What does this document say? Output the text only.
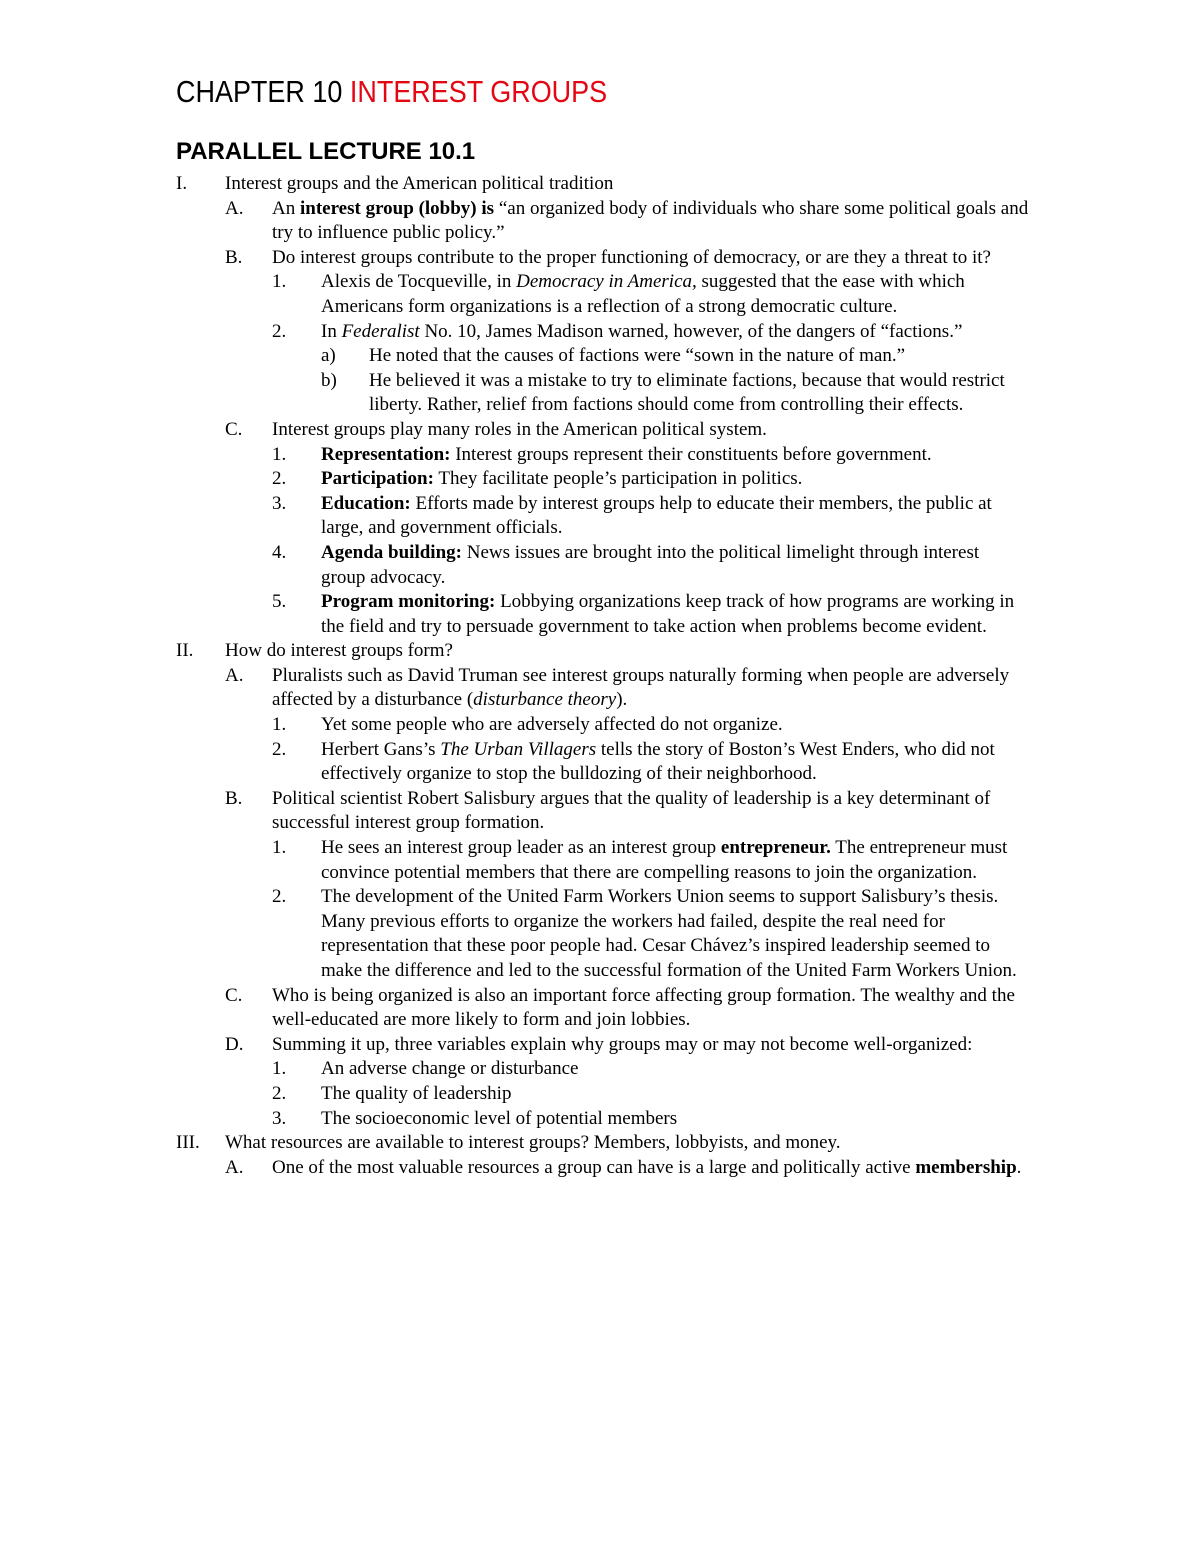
CHAPTER 10 INTEREST GROUPS
PARALLEL LECTURE 10.1
I. Interest groups and the American political tradition
A. An interest group (lobby) is “an organized body of individuals who share some political goals and try to influence public policy.”
B. Do interest groups contribute to the proper functioning of democracy, or are they a threat to it?
1. Alexis de Tocqueville, in Democracy in America, suggested that the ease with which Americans form organizations is a reflection of a strong democratic culture.
2. In Federalist No. 10, James Madison warned, however, of the dangers of “factions.”
a) He noted that the causes of factions were “sown in the nature of man.”
b) He believed it was a mistake to try to eliminate factions, because that would restrict liberty. Rather, relief from factions should come from controlling their effects.
C. Interest groups play many roles in the American political system.
1. Representation: Interest groups represent their constituents before government.
2. Participation: They facilitate people’s participation in politics.
3. Education: Efforts made by interest groups help to educate their members, the public at large, and government officials.
4. Agenda building: News issues are brought into the political limelight through interest group advocacy.
5. Program monitoring: Lobbying organizations keep track of how programs are working in the field and try to persuade government to take action when problems become evident.
II. How do interest groups form?
A. Pluralists such as David Truman see interest groups naturally forming when people are adversely affected by a disturbance (disturbance theory).
1. Yet some people who are adversely affected do not organize.
2. Herbert Gans’s The Urban Villagers tells the story of Boston’s West Enders, who did not effectively organize to stop the bulldozing of their neighborhood.
B. Political scientist Robert Salisbury argues that the quality of leadership is a key determinant of successful interest group formation.
1. He sees an interest group leader as an interest group entrepreneur. The entrepreneur must convince potential members that there are compelling reasons to join the organization.
2. The development of the United Farm Workers Union seems to support Salisbury’s thesis. Many previous efforts to organize the workers had failed, despite the real need for representation that these poor people had. Cesar Chávez’s inspired leadership seemed to make the difference and led to the successful formation of the United Farm Workers Union.
C. Who is being organized is also an important force affecting group formation. The wealthy and the well-educated are more likely to form and join lobbies.
D. Summing it up, three variables explain why groups may or may not become well-organized:
1. An adverse change or disturbance
2. The quality of leadership
3. The socioeconomic level of potential members
III. What resources are available to interest groups? Members, lobbyists, and money.
A. One of the most valuable resources a group can have is a large and politically active membership.
